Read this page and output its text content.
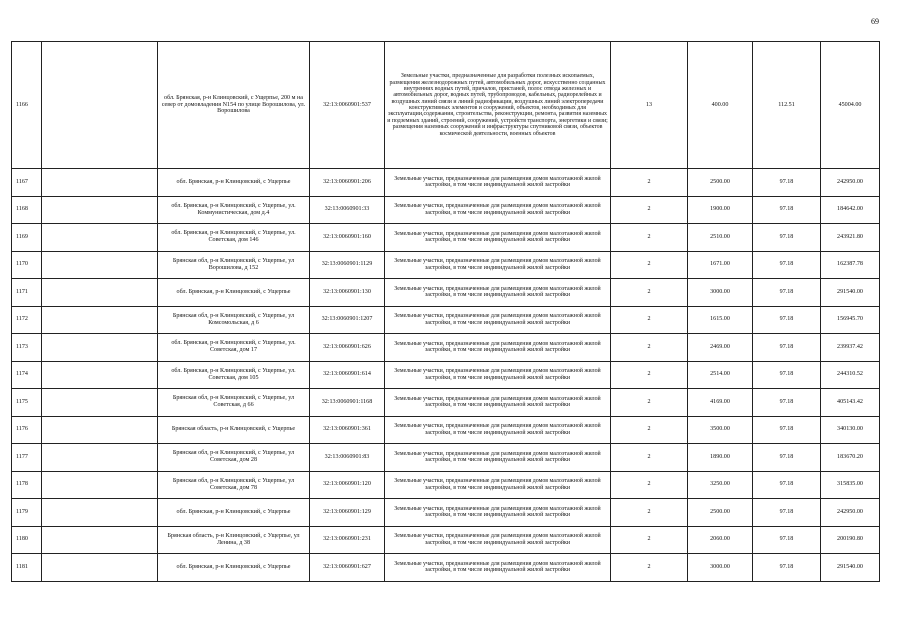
69
1166		обл. Брянская, р-н Клинцовский, с Ущерпье, 200 м на север от домовладения N154 по улице Ворошилова, ул. Ворошилова	32:13:0060901:537	Земельные участки, предназначенные для разработки полезных ископаемых, размещения железнодорожных путей, автомобильных дорог, искусственно созданных внутренних водных путей, причалов, пристаней, полос отвода железных и автомобильных дорог, водных путей, трубопроводов, кабельных, радиорелейных и воздушных линий связи и линий радиофикации, воздушных линий электропередачи конструктивных элементов и сооружений, объектов, необходимых для эксплуатации,содержания, строительства, реконструкции, ремонта, развития наземных и подземных зданий, строений, сооружений, устройств транспорта, энергетики и связи; размещения наземных сооружений и инфраструктуры спутниковой связи, объектов космической деятельности, военных объектов	13	400.00	112.51	45004.00
1167		обл. Брянская, р-н Клинцовский, с Ущерпье	32:13:0060901:206	Земельные участки, предназначенные для размещения домов малоэтажной жилой застройки, в том числе индивидуальной жилой застройки	2	2500.00	97.18	242950.00
1168		обл. Брянская, р-н Клинцовский, с Ущерпье, ул. Коммунистическая, дом д.4	32:13:0060901:33	Земельные участки, предназначенные для размещения домов малоэтажной жилой застройки, в том числе индивидуальной жилой застройки	2	1900.00	97.18	184642.00
1169		обл. Брянская, р-н Клинцовский, с Ущерпье, ул. Советская, дом 146	32:13:0060901:160	Земельные участки, предназначенные для размещения домов малоэтажной жилой застройки, в том числе индивидуальной жилой застройки	2	2510.00	97.18	243921.80
1170		Брянская обл, р-н Клинцовский, с Ущерпье, ул Ворошилова, д 152	32:13:0060901:1129	Земельные участки, предназначенные для размещения домов малоэтажной жилой застройки, в том числе индивидуальной жилой застройки	2	1671.00	97.18	162387.78
1171		обл. Брянская, р-н Клинцовский, с Ущерпье	32:13:0060901:130	Земельные участки, предназначенные для размещения домов малоэтажной жилой застройки, в том числе индивидуальной жилой застройки	2	3000.00	97.18	291540.00
1172		Брянская обл, р-н Клинцовский, с Ущерпье, ул Комсомольская, д 6	32:13:0060901:1207	Земельные участки, предназначенные для размещения домов малоэтажной жилой застройки, в том числе индивидуальной жилой застройки	2	1615.00	97.18	156945.70
1173		обл. Брянская, р-н Клинцовский, с Ущерпье, ул. Советская, дом 17	32:13:0060901:626	Земельные участки, предназначенные для размещения домов малоэтажной жилой застройки, в том числе индивидуальной жилой застройки	2	2469.00	97.18	239937.42
1174		обл. Брянская, р-н Клинцовский, с Ущерпье, ул. Советская, дом 105	32:13:0060901:614	Земельные участки, предназначенные для размещения домов малоэтажной жилой застройки, в том числе индивидуальной жилой застройки	2	2514.00	97.18	244310.52
1175		Брянская обл, р-н Клинцовский, с Ущерпье, ул Советская, д 66	32:13:0060901:1168	Земельные участки, предназначенные для размещения домов малоэтажной жилой застройки, в том числе индивидуальной жилой застройки	2	4169.00	97.18	405143.42
1176		Брянская область, р-н Клинцовский, с Ущерпье	32:13:0060901:361	Земельные участки, предназначенные для размещения домов малоэтажной жилой застройки, в том числе индивидуальной жилой застройки	2	3500.00	97.18	340130.00
1177		Брянская обл, р-н Клинцовский, с Ущерпье, ул Советская, дом 28	32:13:0060901:83	Земельные участки, предназначенные для размещения домов малоэтажной жилой застройки, в том числе индивидуальной жилой застройки	2	1890.00	97.18	183670.20
1178		Брянская обл, р-н Клинцовский, с Ущерпье, ул Советская, дом 78	32:13:0060901:120	Земельные участки, предназначенные для размещения домов малоэтажной жилой застройки, в том числе индивидуальной жилой застройки	2	3250.00	97.18	315835.00
1179		обл. Брянская, р-н Клинцовский, с Ущерпье	32:13:0060901:129	Земельные участки, предназначенные для размещения домов малоэтажной жилой застройки, в том числе индивидуальной жилой застройки	2	2500.00	97.18	242950.00
1180		Брянская область, р-н Клинцовский, с Ущерпье, ул Ленина, д 38	32:13:0060901:231	Земельные участки, предназначенные для размещения домов малоэтажной жилой застройки, в том числе индивидуальной жилой застройки	2	2060.00	97.18	200190.80
1181		обл. Брянская, р-н Клинцовский, с Ущерпье	32:13:0060901:627	Земельные участки, предназначенные для размещения домов малоэтажной жилой застройки, в том числе индивидуальной жилой застройки	2	3000.00	97.18	291540.00
